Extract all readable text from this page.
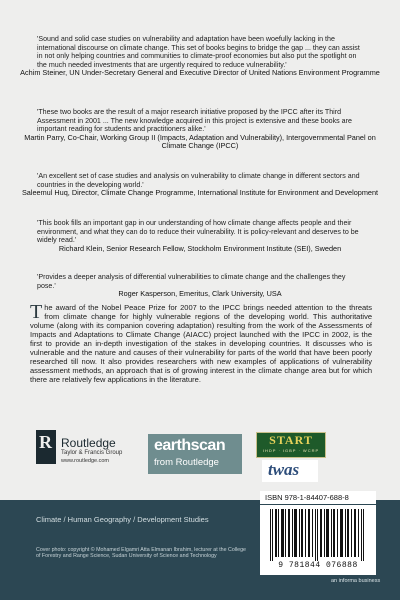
'Sound and solid case studies on vulnerability and adaptation have been woefully lacking in the international discourse on climate change. This set of books begins to bridge the gap ... they can assist in not only helping countries and communities to climate-proof economies but also put the spotlight on the much needed investments that are urgently required to reduce vulnerability.'

Achim Steiner, UN Under-Secretary General and Executive Director of United Nations Environment Programme

'These two books are the result of a major research initiative proposed by the IPCC after its Third Assessment in 2001 ... The new knowledge acquired in this project is extensive and these books are important reading for students and practitioners alike.'

Martin Parry, Co-Chair, Working Group II (Impacts, Adaptation and Vulnerability), Intergovernmental Panel on Climate Change (IPCC)

'An excellent set of case studies and analysis on vulnerability to climate change in different sectors and countries in the developing world.'

Saleemul Huq, Director, Climate Change Programme, International Institute for Environment and Development

'This book fills an important gap in our understanding of how climate change affects people and their environment, and what they can do to reduce their vulnerability. It is policy-relevant and deserves to be widely read.'

Richard Klein, Senior Research Fellow, Stockholm Environment Institute (SEI), Sweden

'Provides a deeper analysis of differential vulnerabilities to climate change and the challenges they pose.'

Roger Kasperson, Emeritus, Clark University, USA

The award of the Nobel Peace Prize for 2007 to the IPCC brings needed attention to the threats from climate change for highly vulnerable regions of the developing world. This authoritative volume (along with its companion covering adaptation) resulting from the work of the Assessments of Impacts and Adaptations to Climate Change (AIACC) project launched with the IPCC in 2002, is the first to provide an in-depth investigation of the stakes in developing countries. It discusses who is vulnerable and the nature and causes of their vulnerability for parts of the world that have been poorly researched till now. It also provides researchers with new examples of applications of vulnerability assessment methods, an approach that is of growing interest in the climate change area but for which there are relatively few applications in the literature.

R Routledge
Taylor & Francis Group
www.routledge.com
earthscan
from Routledge
START
IHDP · IGBP · WCRP
twas
ISBN 978-1-84407-688-8
Climate / Human Geography / Development Studies
Cover photo: copyright © Mohamed Elgamri Atta Elmanan Ibrahim, lecturer at the College of Forestry and Range Science, Sudan University of Science and Technology
9 781844 076888
an informa business
